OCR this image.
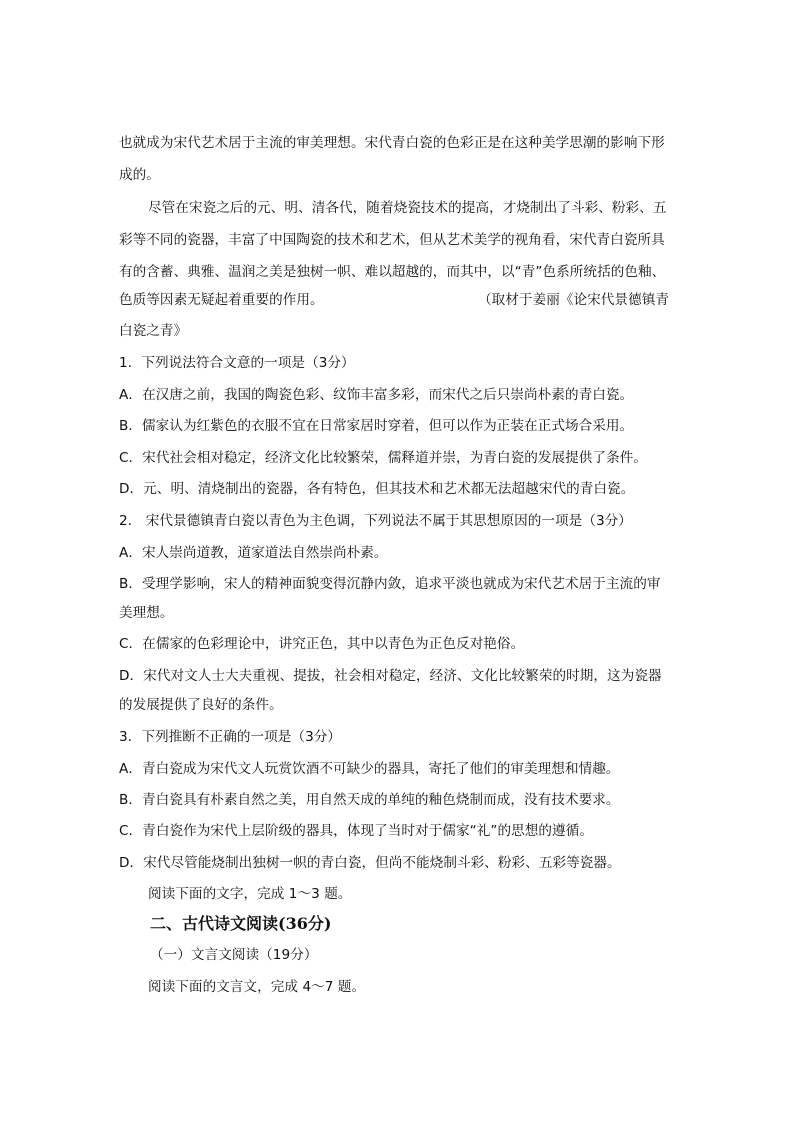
也就成为宋代艺术居于主流的审美理想。宋代青白瓷的色彩正是在这种美学思潮的影响下形
成的。
尽管在宋瓷之后的元、明、清各代，随着烧瓷技术的提高，才烧制出了斗彩、粉彩、五
彩等不同的瓷器，丰富了中国陶瓷的技术和艺术，但从艺术美学的视角看，宋代青白瓷所具
有的含蓄、典雅、温润之美是独树一帜、难以超越的，而其中，以“青”色系所统括的色釉、
色质等因素无疑起着重要的作用。	（取材于姜丽《论宋代景德镇青
白瓷之青》
1．下列说法符合文意的一项是（3分）
A．在汉唐之前，我国的陶瓷色彩、纹饰丰富多彩，而宋代之后只崇尚朴素的青白瓷。
B．儒家认为红紫色的衣服不宜在日常家居时穿着，但可以作为正装在正式场合采用。
C．宋代社会相对稳定，经济文化比较繁荣，儒释道并崇，为青白瓷的发展提供了条件。
D．元、明、清烧制出的瓷器，各有特色，但其技术和艺术都无法超越宋代的青白瓷。
2． 宋代景德镇青白瓷以青色为主色调，下列说法不属于其思想原因的一项是（3分）
A．宋人崇尚道教，道家道法自然崇尚朴素。
B．受理学影响，宋人的精神面貌变得沉静内敛，追求平淡也就成为宋代艺术居于主流的审
美理想。
C．在儒家的色彩理论中，讲究正色，其中以青色为正色反对艳俗。
D．宋代对文人士大夫重视、提拔，社会相对稳定，经济、文化比较繁荣的时期，这为瓷器
的发展提供了良好的条件。
3．下列推断不正确的一项是（3分）
A．青白瓷成为宋代文人玩赏饮酒不可缺少的器具，寄托了他们的审美理想和情趣。
B．青白瓷具有朴素自然之美，用自然天成的单纯的釉色烧制而成，没有技术要求。
C．青白瓷作为宋代上层阶级的器具，体现了当时对于儒家“礼”的思想的遵循。
D．宋代尽管能烧制出独树一帜的青白瓷，但尚不能烧制斗彩、粉彩、五彩等瓷器。
阅读下面的文字，完成 1～3 题。
二、古代诗文阅读(36分)
（一）文言文阅读（19分）
阅读下面的文言文，完成 4～7 题。
